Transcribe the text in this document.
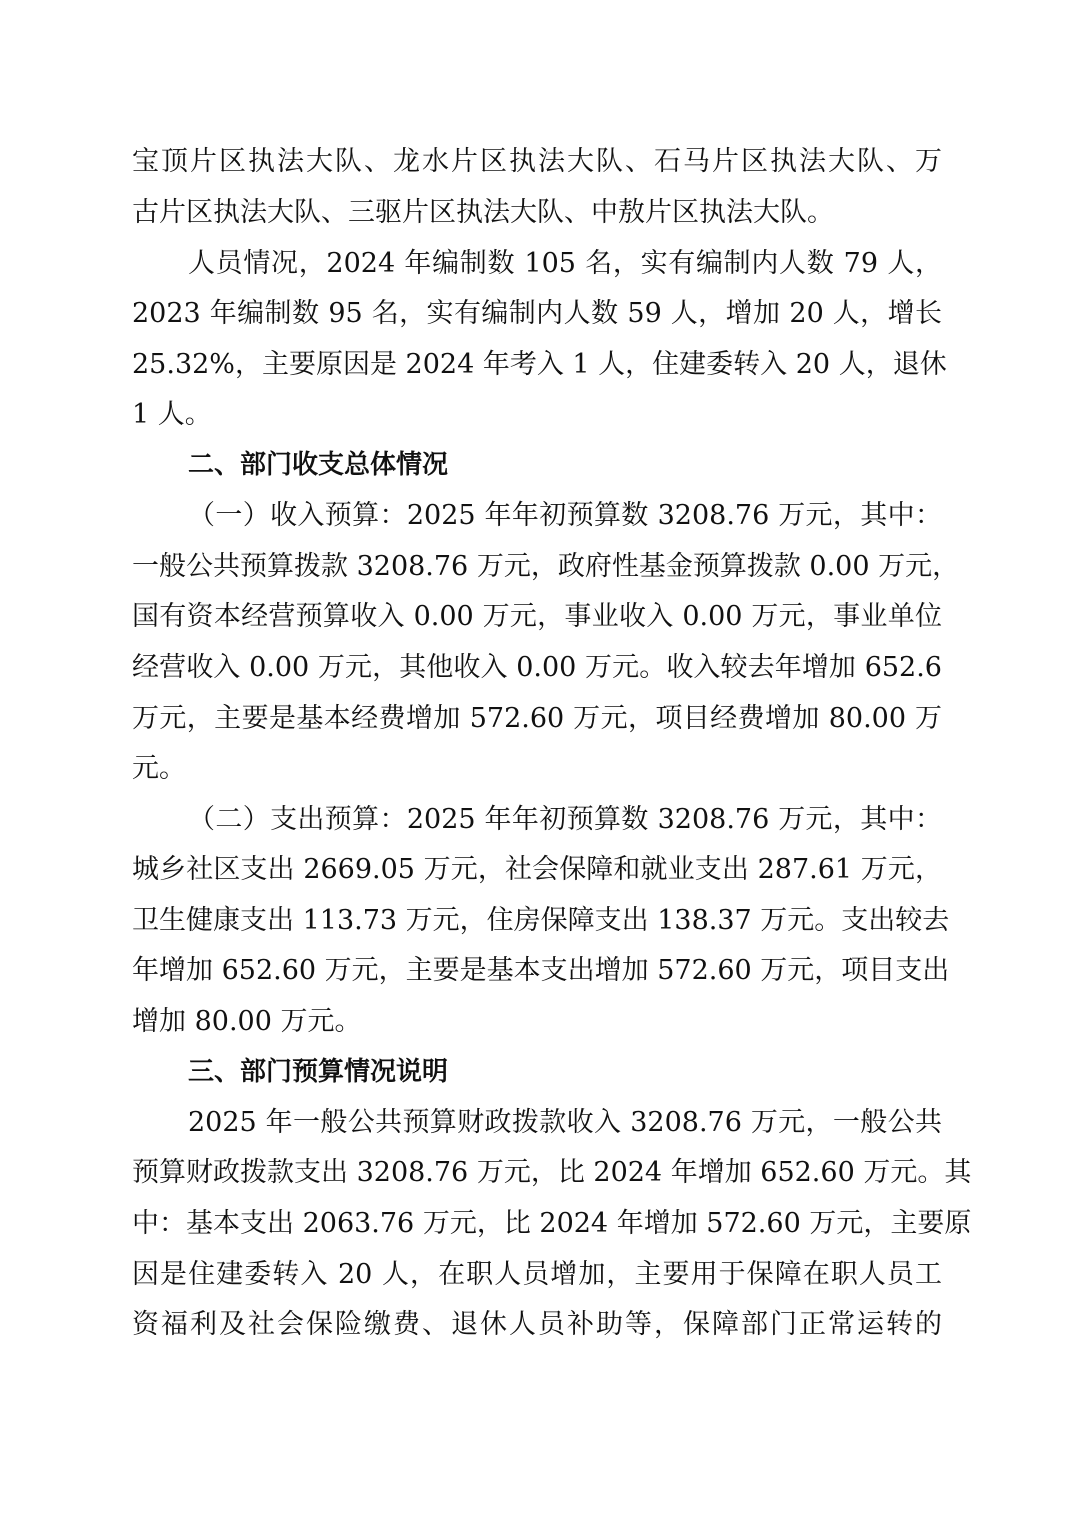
宝顶片区执法大队、龙水片区执法大队、石马片区执法大队、万
古片区执法大队、三驱片区执法大队、中敖片区执法大队。
人员情况，2024 年编制数 105 名，实有编制内人数 79 人，
2023 年编制数 95 名，实有编制内人数 59 人，增加 20 人，增长
25.32%，主要原因是 2024 年考入 1 人，住建委转入 20 人，退休
1 人。
二、部门收支总体情况
（一）收入预算：2025 年年初预算数 3208.76 万元，其中：
一般公共预算拨款 3208.76 万元，政府性基金预算拨款 0.00 万元，
国有资本经营预算收入 0.00 万元，事业收入 0.00 万元，事业单位
经营收入 0.00 万元，其他收入 0.00 万元。收入较去年增加 652.6
万元，主要是基本经费增加 572.60 万元，项目经费增加 80.00 万
元。
（二）支出预算：2025 年年初预算数 3208.76 万元，其中：
城乡社区支出 2669.05 万元，社会保障和就业支出 287.61 万元，
卫生健康支出 113.73 万元，住房保障支出 138.37 万元。支出较去
年增加 652.60 万元，主要是基本支出增加 572.60 万元，项目支出
增加 80.00 万元。
三、部门预算情况说明
2025 年一般公共预算财政拨款收入 3208.76 万元，一般公共
预算财政拨款支出 3208.76 万元，比 2024 年增加 652.60 万元。其
中：基本支出 2063.76 万元，比 2024 年增加 572.60 万元，主要原
因是住建委转入 20 人，在职人员增加，主要用于保障在职人员工
资福利及社会保险缴费、退休人员补助等，保障部门正常运转的
